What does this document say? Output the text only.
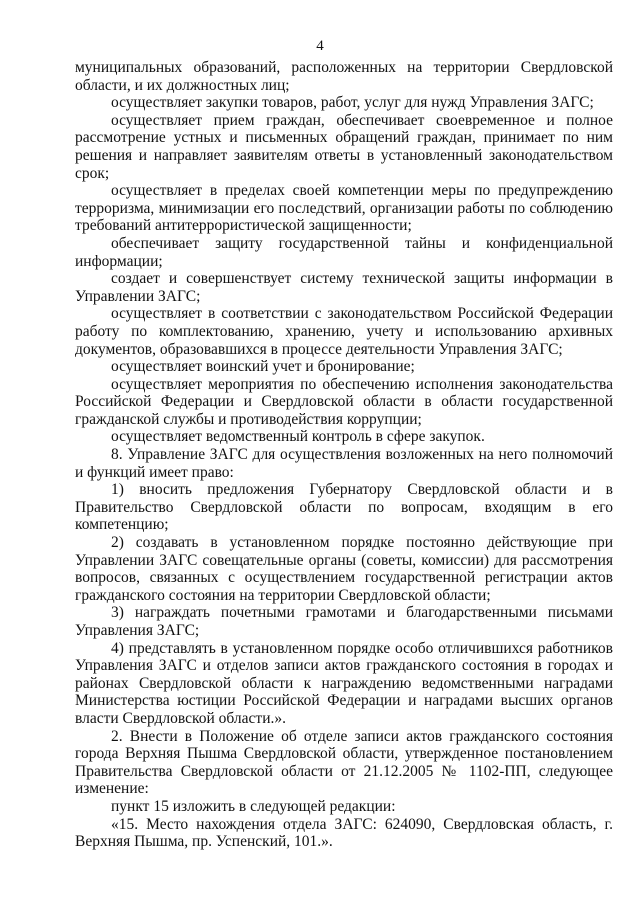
4

муниципальных образований, расположенных на территории Свердловской области, и их должностных лиц;

осуществляет закупки товаров, работ, услуг для нужд Управления ЗАГС;

осуществляет прием граждан, обеспечивает своевременное и полное рассмотрение устных и письменных обращений граждан, принимает по ним решения и направляет заявителям ответы в установленный законодательством срок;

осуществляет в пределах своей компетенции меры по предупреждению терроризма, минимизации его последствий, организации работы по соблюдению требований антитеррористической защищенности;

обеспечивает защиту государственной тайны и конфиденциальной информации;

создает и совершенствует систему технической защиты информации в Управлении ЗАГС;

осуществляет в соответствии с законодательством Российской Федерации работу по комплектованию, хранению, учету и использованию архивных документов, образовавшихся в процессе деятельности Управления ЗАГС;

осуществляет воинский учет и бронирование;

осуществляет мероприятия по обеспечению исполнения законодательства Российской Федерации и Свердловской области в области государственной гражданской службы и противодействия коррупции;

осуществляет ведомственный контроль в сфере закупок.

8. Управление ЗАГС для осуществления возложенных на него полномочий и функций имеет право:

1) вносить предложения Губернатору Свердловской области и в Правительство Свердловской области по вопросам, входящим в его компетенцию;

2) создавать в установленном порядке постоянно действующие при Управлении ЗАГС совещательные органы (советы, комиссии) для рассмотрения вопросов, связанных с осуществлением государственной регистрации актов гражданского состояния на территории Свердловской области;

3) награждать почетными грамотами и благодарственными письмами Управления ЗАГС;

4) представлять в установленном порядке особо отличившихся работников Управления ЗАГС и отделов записи актов гражданского состояния в городах и районах Свердловской области к награждению ведомственными наградами Министерства юстиции Российской Федерации и наградами высших органов власти Свердловской области.».

2. Внести в Положение об отделе записи актов гражданского состояния города Верхняя Пышма Свердловской области, утвержденное постановлением Правительства Свердловской области от 21.12.2005 № 1102-ПП, следующее изменение:

пункт 15 изложить в следующей редакции:

«15. Место нахождения отдела ЗАГС: 624090, Свердловская область, г. Верхняя Пышма, пр. Успенский, 101.».
